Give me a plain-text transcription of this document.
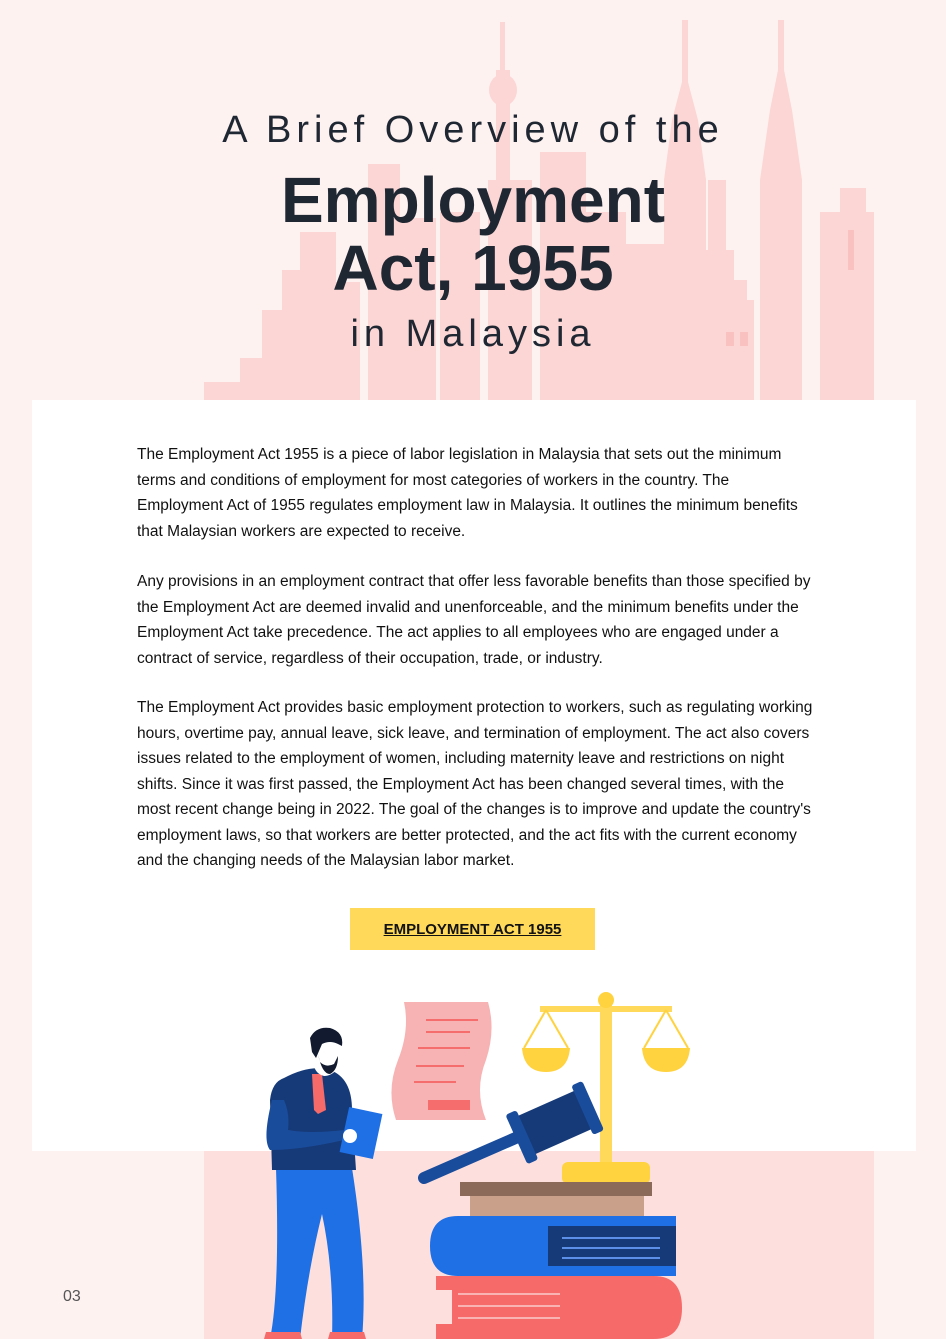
A Brief Overview of the
Employment
Act, 1955
in Malaysia

The Employment Act 1955 is a piece of labor legislation in Malaysia that sets out the minimum terms and conditions of employment for most categories of workers in the country. The Employment Act of 1955 regulates employment law in Malaysia. It outlines the minimum benefits that Malaysian workers are expected to receive.

Any provisions in an employment contract that offer less favorable benefits than those specified by the Employment Act are deemed invalid and unenforceable, and the minimum benefits under the Employment Act take precedence. The act applies to all employees who are engaged under a contract of service, regardless of their occupation, trade, or industry.

The Employment Act provides basic employment protection to workers, such as regulating working hours, overtime pay, annual leave, sick leave, and termination of employment. The act also covers issues related to the employment of women, including maternity leave and restrictions on night shifts. Since it was first passed, the Employment Act has been changed several times, with the most recent change being in 2022. The goal of the changes is to improve and update the country's employment laws, so that workers are better protected, and the act fits with the current economy and the changing needs of the Malaysian labor market.

EMPLOYMENT ACT 1955
03
